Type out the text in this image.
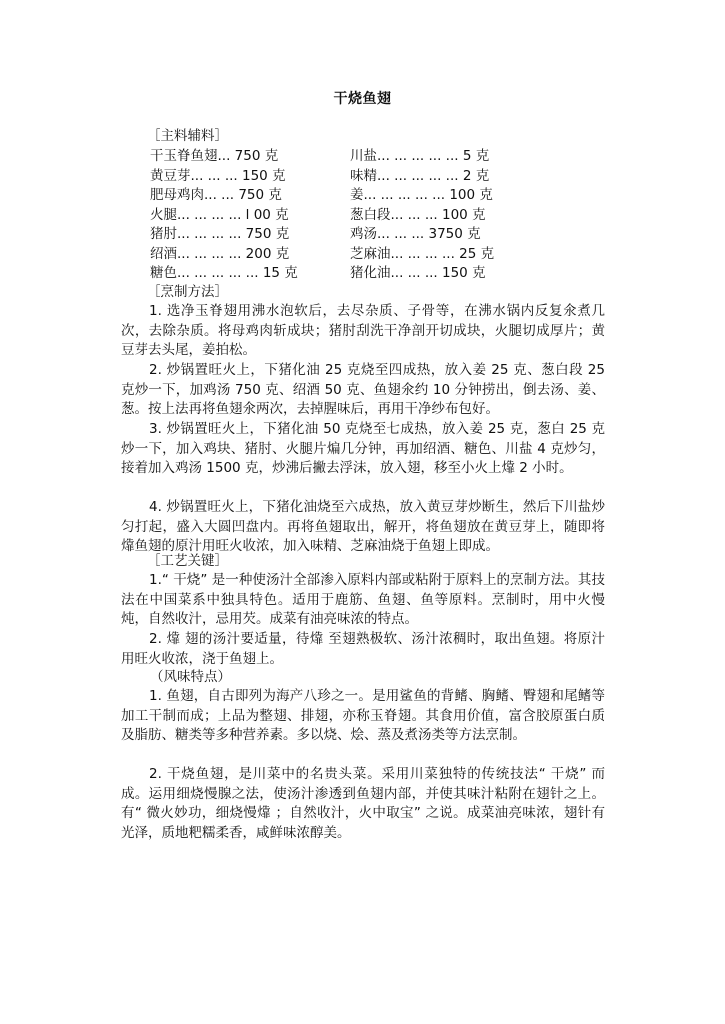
干烧鱼翅
［主料辅料］
干玉脊鱼翅... 750 克	川盐... ... ... ... ... 5 克
黄豆芽... ... ... 150 克	味精... ... ... ... ... 2 克
肥母鸡肉... ... 750 克	姜... ... ... ... ... 100 克
火腿... ... ... ... l 00 克	葱白段... ... ... 100 克
猪肘... ... ... ... 750 克	鸡汤... ... ... 3750 克
绍酒... ... ... ... 200 克	芝麻油... ... ... ... 25 克
糖色... ... ... ... ... 15 克	猪化油... ... ... 150 克
［烹制方法］

1. 选净玉脊翅用沸水泡软后，去尽杂质、子骨等，在沸水锅内反复氽煮几次，去除杂质。将母鸡肉斩成块；猪肘刮洗干净剖开切成块，火腿切成厚片；黄豆芽去头尾，姜拍松。

2. 炒锅置旺火上，下猪化油 25 克烧至四成热，放入姜 25 克、葱白段 25 克炒一下，加鸡汤 750 克、绍酒 50 克、鱼翅氽约 10 分钟捞出，倒去汤、姜、葱。按上法再将鱼翅氽两次，去掉腥味后，再用干净纱布包好。

3. 炒锅置旺火上，下猪化油 50 克烧至七成热，放入姜 25 克，葱白 25 克炒一下，加入鸡块、猪肘、火腿片煸几分钟，再加绍酒、糖色、川盐 4 克炒匀，接着加入鸡汤 1500 克，炒沸后撇去浮沫，放入翅，移至小火上㸆 2 小时。

4. 炒锅置旺火上，下猪化油烧至六成热，放入黄豆芽炒断生，然后下川盐炒匀打起，盛入大圆凹盘内。再将鱼翅取出，解开，将鱼翅放在黄豆芽上，随即将㸆鱼翅的原汁用旺火收浓，加入味精、芝麻油烧于鱼翅上即成。

［工艺关键］

1.“ 干烧” 是一种使汤汁全部渗入原料内部或粘附于原料上的烹制方法。其技法在中国菜系中独具特色。适用于鹿筋、鱼翅、鱼等原料。烹制时，用中火慢炖，自然收汁，忌用芡。成菜有油亮味浓的特点。

2. 㸆 翅的汤汁要适量，待㸆 至翅熟极软、汤汁浓稠时，取出鱼翅。将原汁用旺火收浓，浇于鱼翅上。

（风味特点）

1. 鱼翅，自古即列为海产八珍之一。是用鲨鱼的背鳍、胸鳍、臀翅和尾鳍等加工干制而成；上品为整翅、排翅，亦称玉脊翅。其食用价值，富含胶原蛋白质及脂肪、糖类等多种营养素。多以烧、烩、蒸及煮汤类等方法烹制。

2. 干烧鱼翅，是川菜中的名贵头菜。采用川菜独特的传统技法“ 干烧” 而成。运用细烧慢腺之法，使汤汁渗透到鱼翅内部，并使其味汁粘附在翅针之上。有“ 微火妙功，细烧慢㸆 ；自然收汁，火中取宝” 之说。成菜油亮味浓，翅针有光泽，质地粑糯柔香，咸鲜味浓醇美。
